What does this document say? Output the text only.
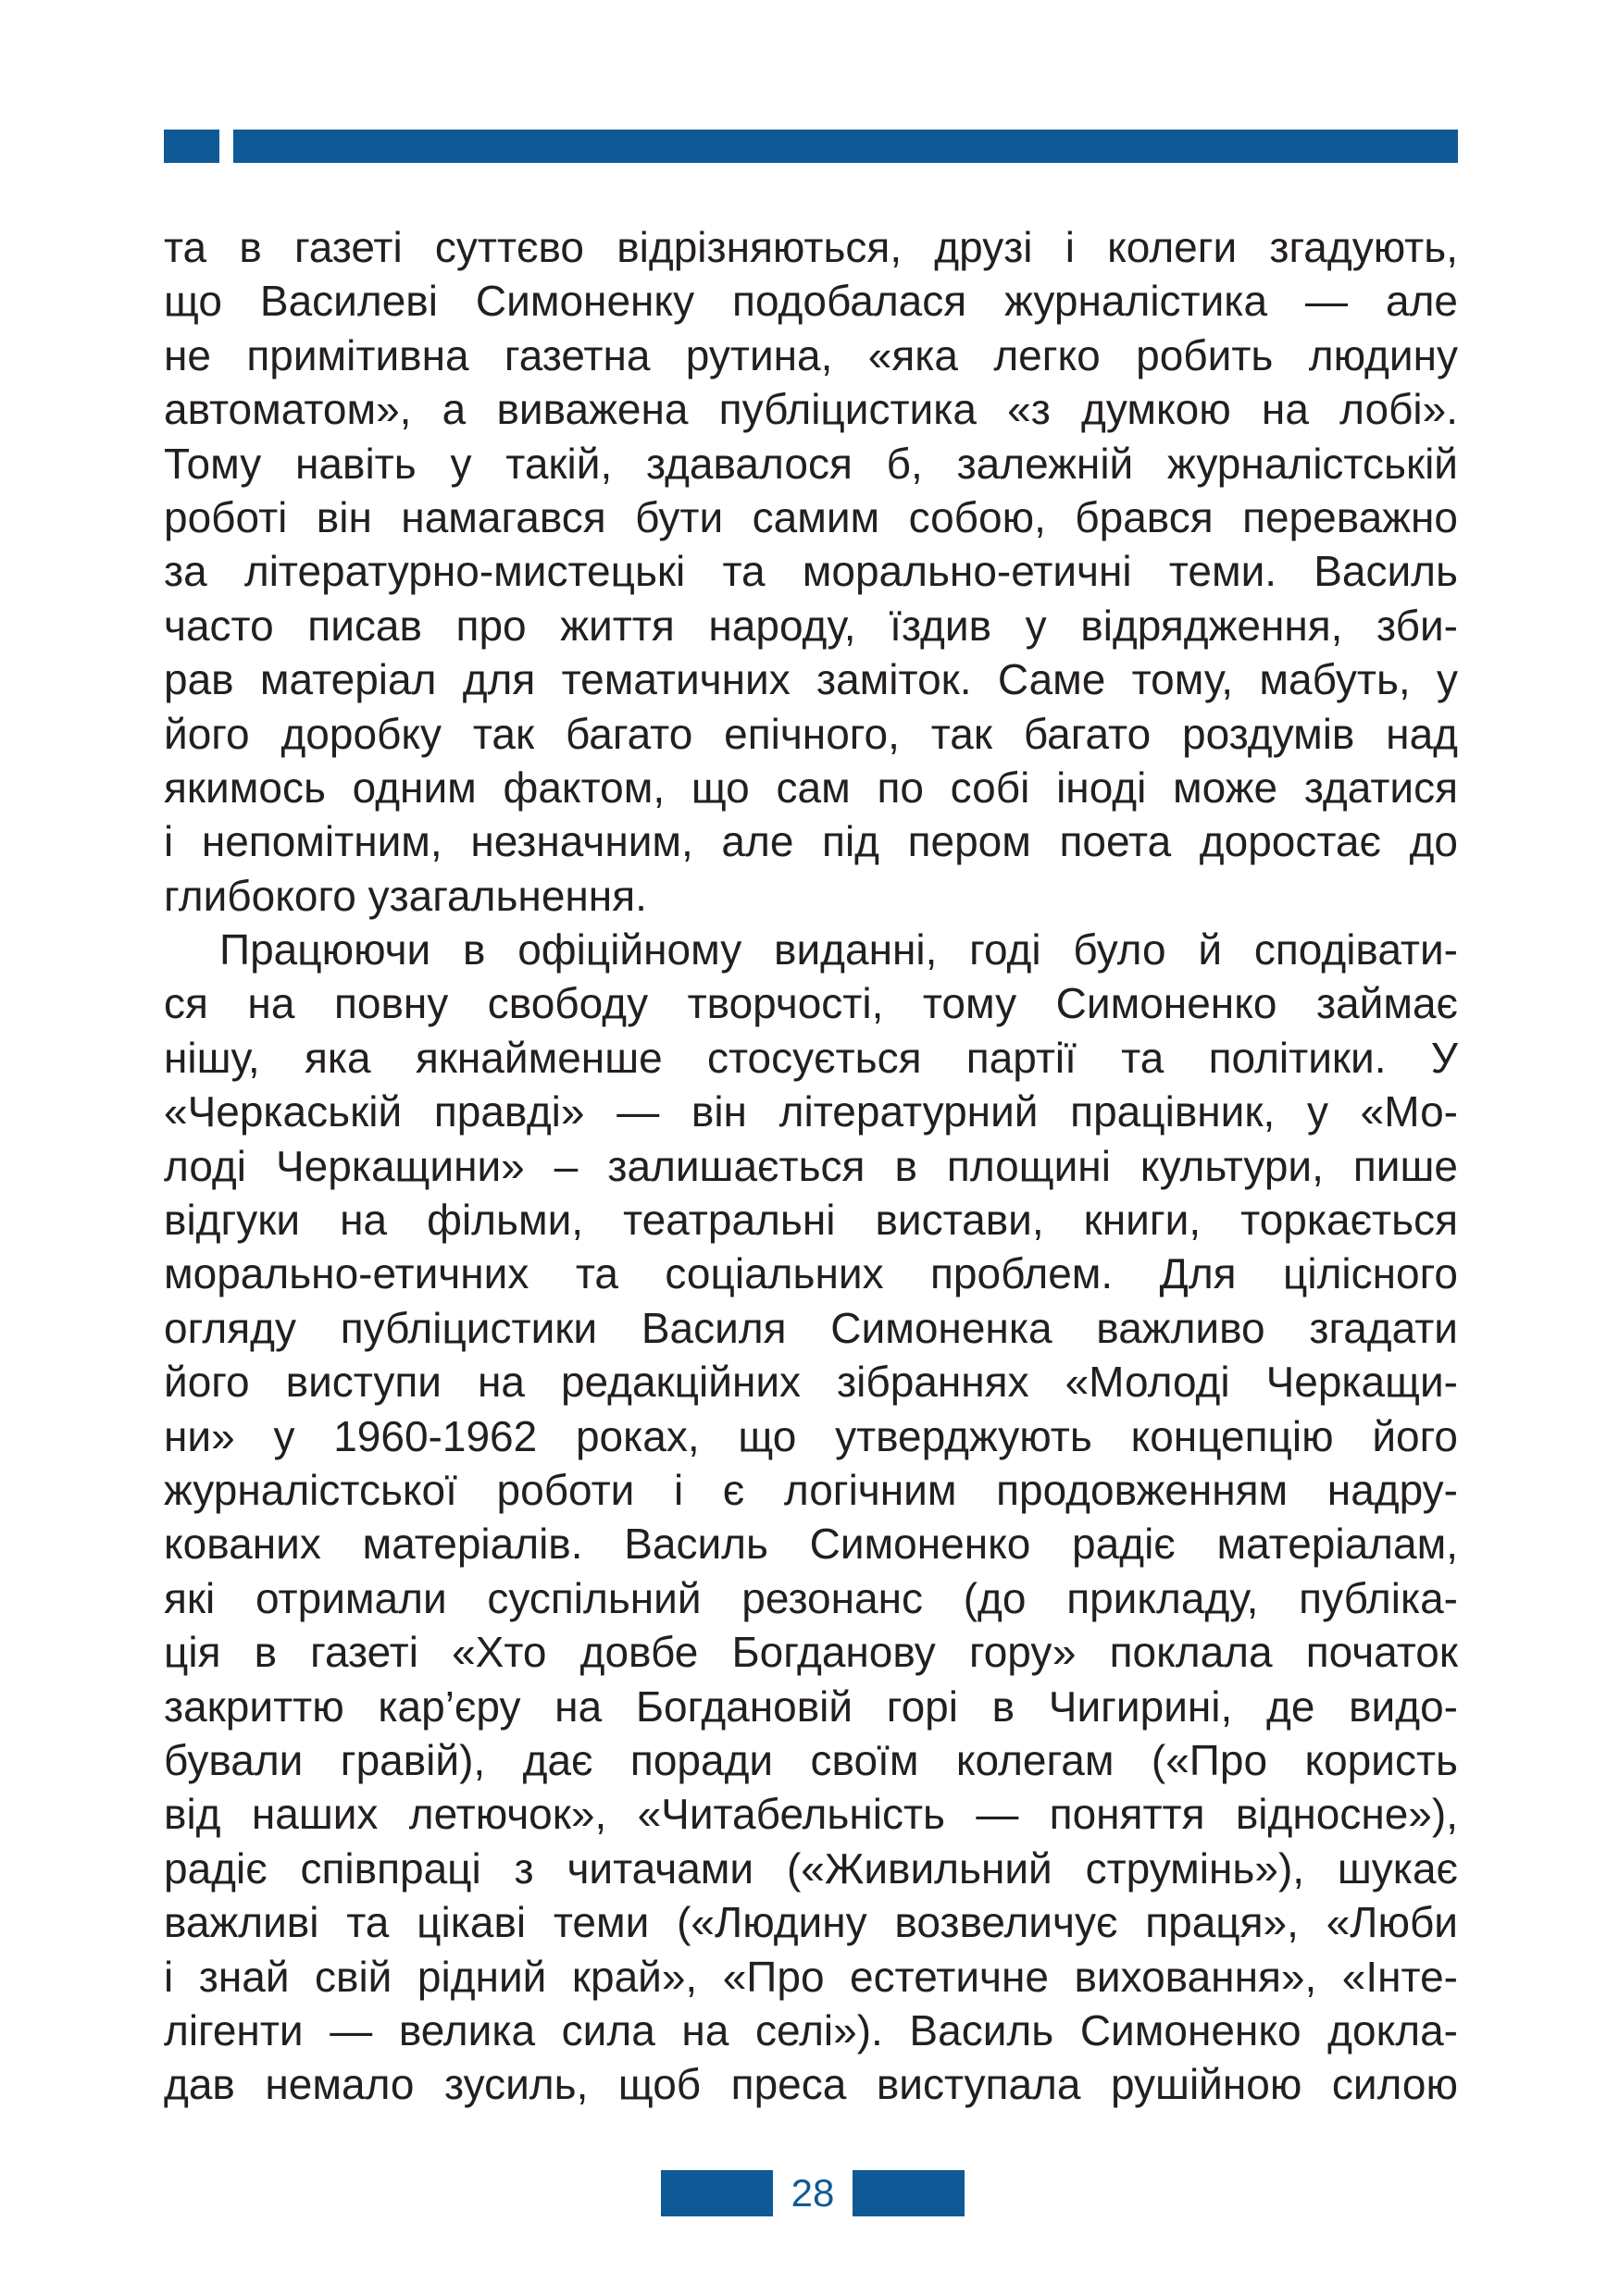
та в газеті суттєво відрізняються, друзі і колеги згадують,
що Василеві Симоненку подобалася журналістика — але
не примітивна газетна рутина, «яка легко робить людину
автоматом», а виважена публіцистика «з думкою на лобі».
Тому навіть у такій, здавалося б, залежній журналістській
роботі він намагався бути самим собою, брався переважно
за літературно-мистецькі та морально-етичні теми. Василь
часто писав про життя народу, їздив у відрядження, зби-
рав матеріал для тематичних заміток. Саме тому, мабуть, у
його доробку так багато епічного, так багато роздумів над
якимось одним фактом, що сам по собі іноді може здатися
і непомітним, незначним, але під пером поета доростає до
глибокого узагальнення.
Працюючи в офіційному виданні, годі було й сподівати-
ся на повну свободу творчості, тому Симоненко займає
нішу, яка якнайменше стосується партії та політики. У
«Черкаській правді» — він літературний працівник, у «Мо-
лоді Черкащини» – залишається в площині культури, пише
відгуки на фільми, театральні вистави, книги, торкається
морально-етичних та соціальних проблем. Для цілісного
огляду публіцистики Василя Симоненка важливо згадати
його виступи на редакційних зібраннях «Молоді Черкащи-
ни» у 1960-1962 роках, що утверджують концепцію його
журналістської роботи і є логічним продовженням надру-
кованих матеріалів. Василь Симоненко радіє матеріалам,
які отримали суспільний резонанс (до прикладу, публіка-
ція в газеті «Хто довбе Богданову гору» поклала початок
закриттю кар’єру на Богдановій горі в Чигирині, де видо-
бували гравій), дає поради своїм колегам («Про користь
від наших летючок», «Читабельність — поняття відносне»),
радіє співпраці з читачами («Живильний струмінь»), шукає
важливі та цікаві теми («Людину возвеличує праця», «Люби
і знай свій рідний край», «Про естетичне виховання», «Інте-
лігенти — велика сила на селі»). Василь Симоненко доклa-
дав немало зусиль, щоб преса виступала рушійною силою
28
